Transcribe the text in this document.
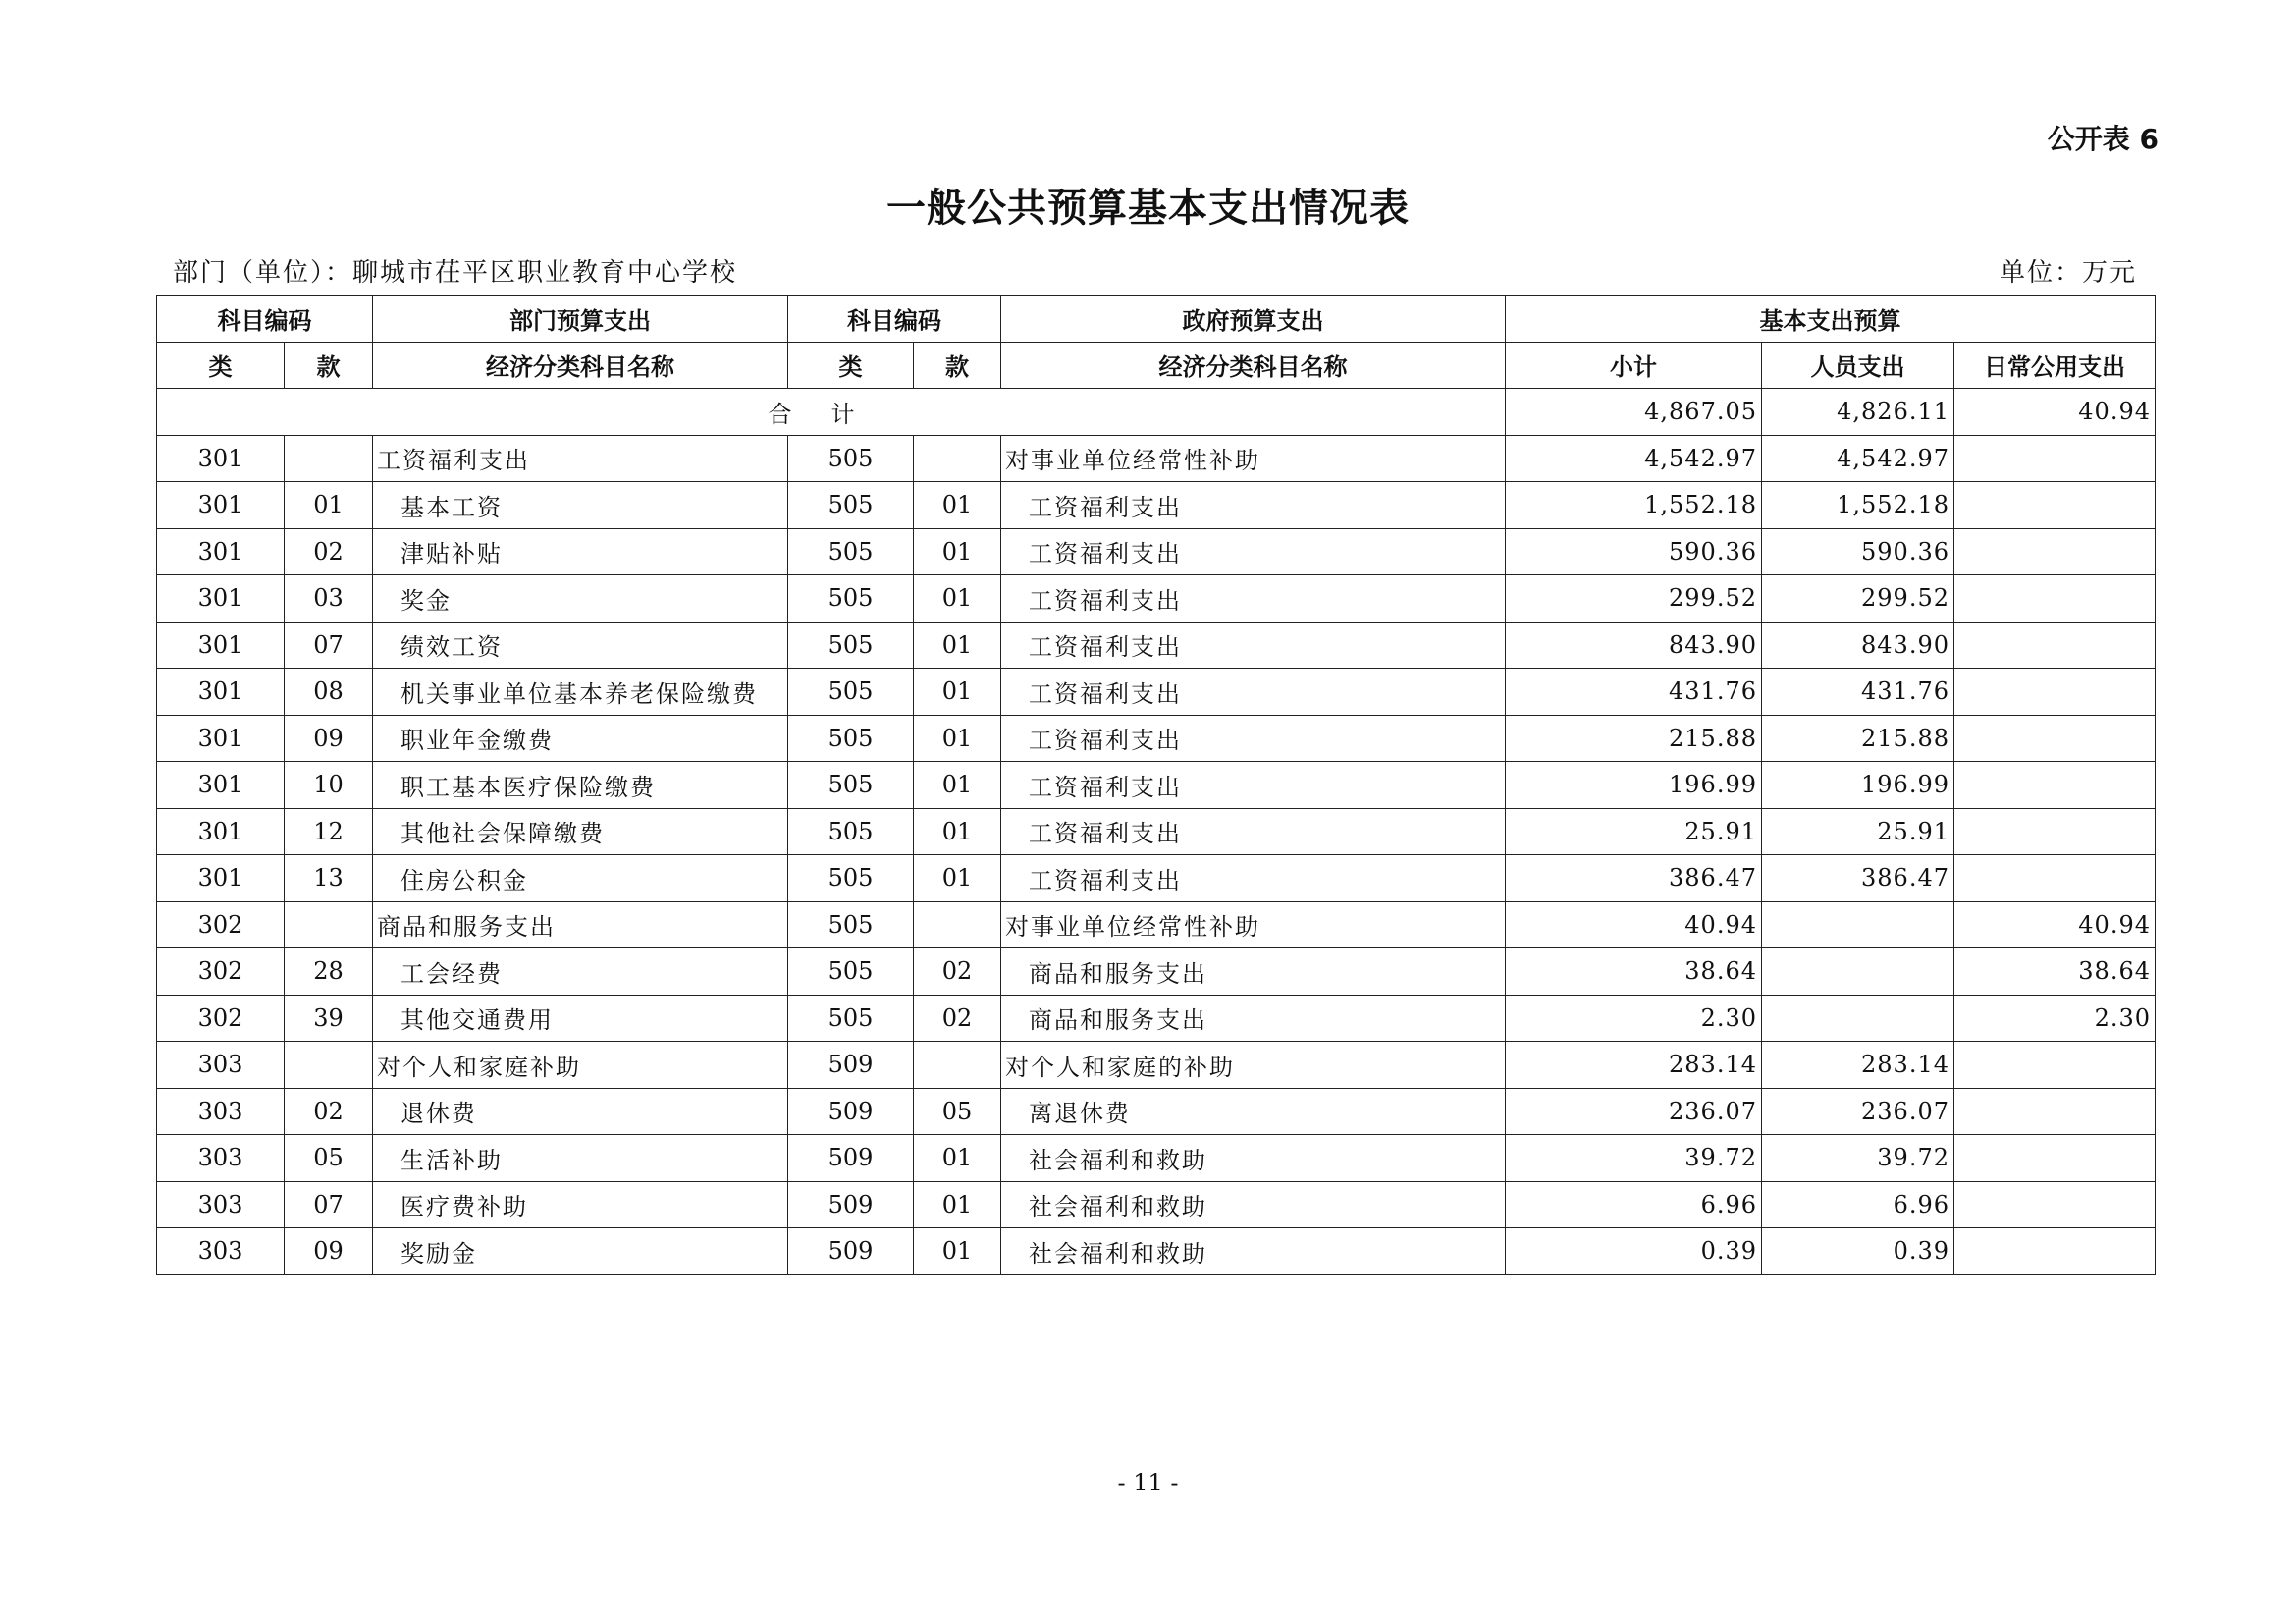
公开表 6
一般公共预算基本支出情况表
部门（单位）：聊城市茌平区职业教育中心学校	单位：万元
科目编码		部门预算支出	科目编码		政府预算支出	基本支出预算		
类	款	经济分类科目名称	类	款	经济分类科目名称	小计	人员支出	日常公用支出
合计						4,867.05	4,826.11	40.94
301		工资福利支出	505		对事业单位经常性补助	4,542.97	4,542.97	
301	01	基本工资	505	01	工资福利支出	1,552.18	1,552.18	
301	02	津贴补贴	505	01	工资福利支出	590.36	590.36	
301	03	奖金	505	01	工资福利支出	299.52	299.52	
301	07	绩效工资	505	01	工资福利支出	843.90	843.90	
301	08	机关事业单位基本养老保险缴费	505	01	工资福利支出	431.76	431.76	
301	09	职业年金缴费	505	01	工资福利支出	215.88	215.88	
301	10	职工基本医疗保险缴费	505	01	工资福利支出	196.99	196.99	
301	12	其他社会保障缴费	505	01	工资福利支出	25.91	25.91	
301	13	住房公积金	505	01	工资福利支出	386.47	386.47	
302		商品和服务支出	505		对事业单位经常性补助	40.94		40.94
302	28	工会经费	505	02	商品和服务支出	38.64		38.64
302	39	其他交通费用	505	02	商品和服务支出	2.30		2.30
303		对个人和家庭补助	509		对个人和家庭的补助	283.14	283.14	
303	02	退休费	509	05	离退休费	236.07	236.07	
303	05	生活补助	509	01	社会福利和救助	39.72	39.72	
303	07	医疗费补助	509	01	社会福利和救助	6.96	6.96	
303	09	奖励金	509	01	社会福利和救助	0.39	0.39	
- 11 -
